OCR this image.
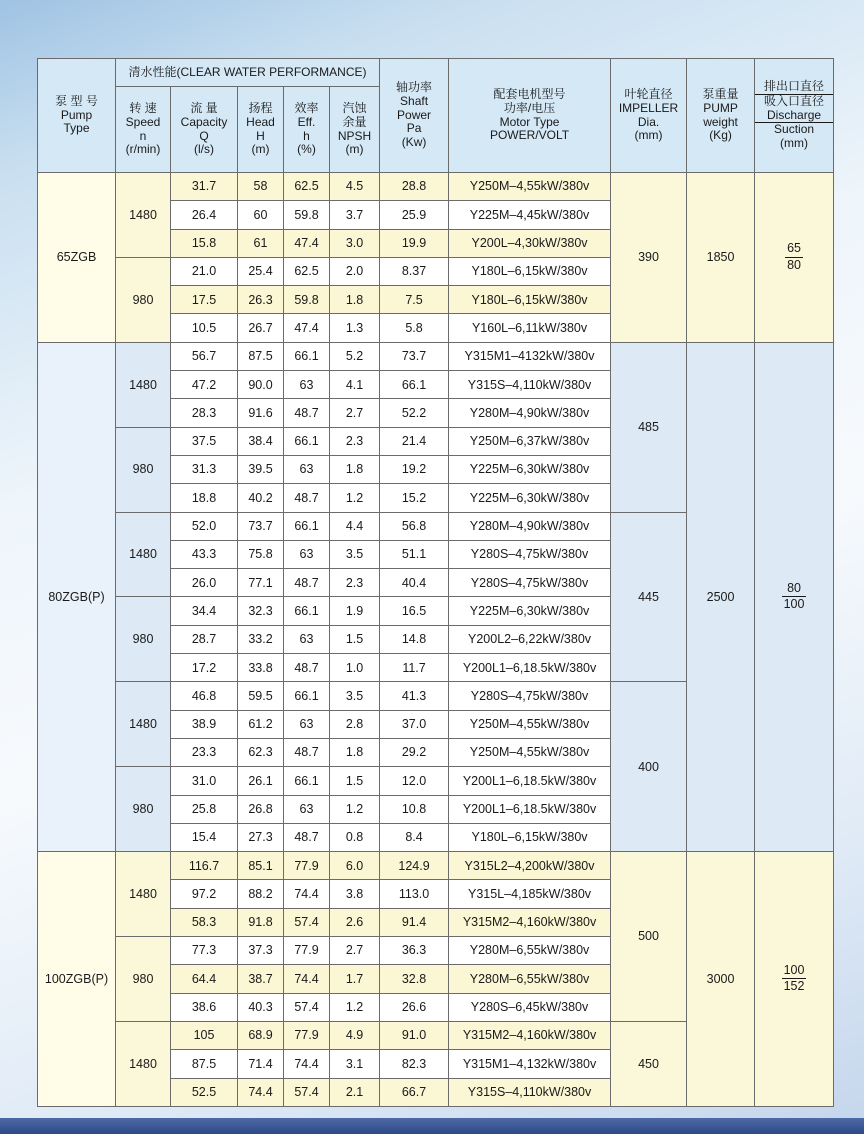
泵 型 号
Pump
Type	清水性能(CLEAR WATER PERFORMANCE)					轴功率
Shaft
Power
Pa
(Kw)	配套电机型号
功率/电压
Motor Type
POWER/VOLT	叶轮直径
IMPELLER
Dia.
(mm)	泵重量
PUMP
weight
(Kg)	排出口直径
吸入口直径
Discharge
Suction
(mm)

	转 速
Speed
n
(r/min)	流 量
Capacity
Q
(l/s)	扬程
Head
H
(m)	效率
Eff.
h
(%)	汽蚀
余量
NPSH
(m)					

65ZGB	1480	31.7	58	62.5	4.5	28.8	Y250M–4,55kW/380v	390	1850	$\frac{65}{80}$

		26.4	60	59.8	3.7	25.9	Y225M–4,45kW/380v			
		15.8	61	47.4	3.0	19.9	Y200L–4,30kW/380v			
	980	21.0	25.4	62.5	2.0	8.37	Y180L–6,15kW/380v			
		17.5	26.3	59.8	1.8	7.5	Y180L–6,15kW/380v			
		10.5	26.7	47.4	1.3	5.8	Y160L–6,11kW/380v			
80ZGB(P)	1480	56.7	87.5	66.1	5.2	73.7	Y315M1–4132kW/380v	485	2500	$\frac{80}{100}$

		47.2	90.0	63	4.1	66.1	Y315S–4,110kW/380v			
		28.3	91.6	48.7	2.7	52.2	Y280M–4,90kW/380v			
	980	37.5	38.4	66.1	2.3	21.4	Y250M–6,37kW/380v			
		31.3	39.5	63	1.8	19.2	Y225M–6,30kW/380v			
		18.8	40.2	48.7	1.2	15.2	Y225M–6,30kW/380v			
	1480	52.0	73.7	66.1	4.4	56.8	Y280M–4,90kW/380v	445		
		43.3	75.8	63	3.5	51.1	Y280S–4,75kW/380v			
		26.0	77.1	48.7	2.3	40.4	Y280S–4,75kW/380v			
	980	34.4	32.3	66.1	1.9	16.5	Y225M–6,30kW/380v			
		28.7	33.2	63	1.5	14.8	Y200L2–6,22kW/380v			
		17.2	33.8	48.7	1.0	11.7	Y200L1–6,18.5kW/380v			
	1480	46.8	59.5	66.1	3.5	41.3	Y280S–4,75kW/380v	400		
		38.9	61.2	63	2.8	37.0	Y250M–4,55kW/380v			
		23.3	62.3	48.7	1.8	29.2	Y250M–4,55kW/380v			
	980	31.0	26.1	66.1	1.5	12.0	Y200L1–6,18.5kW/380v			
		25.8	26.8	63	1.2	10.8	Y200L1–6,18.5kW/380v			
		15.4	27.3	48.7	0.8	8.4	Y180L–6,15kW/380v			
100ZGB(P)	1480	116.7	85.1	77.9	6.0	124.9	Y315L2–4,200kW/380v	500	3000	$\frac{100}{152}$

		97.2	88.2	74.4	3.8	113.0	Y315L–4,185kW/380v			
		58.3	91.8	57.4	2.6	91.4	Y315M2–4,160kW/380v			
	980	77.3	37.3	77.9	2.7	36.3	Y280M–6,55kW/380v			
		64.4	38.7	74.4	1.7	32.8	Y280M–6,55kW/380v			
		38.6	40.3	57.4	1.2	26.6	Y280S–6,45kW/380v			
	1480	105	68.9	77.9	4.9	91.0	Y315M2–4,160kW/380v	450		
		87.5	71.4	74.4	3.1	82.3	Y315M1–4,132kW/380v			
		52.5	74.4	57.4	2.1	66.7	Y315S–4,110kW/380v			
